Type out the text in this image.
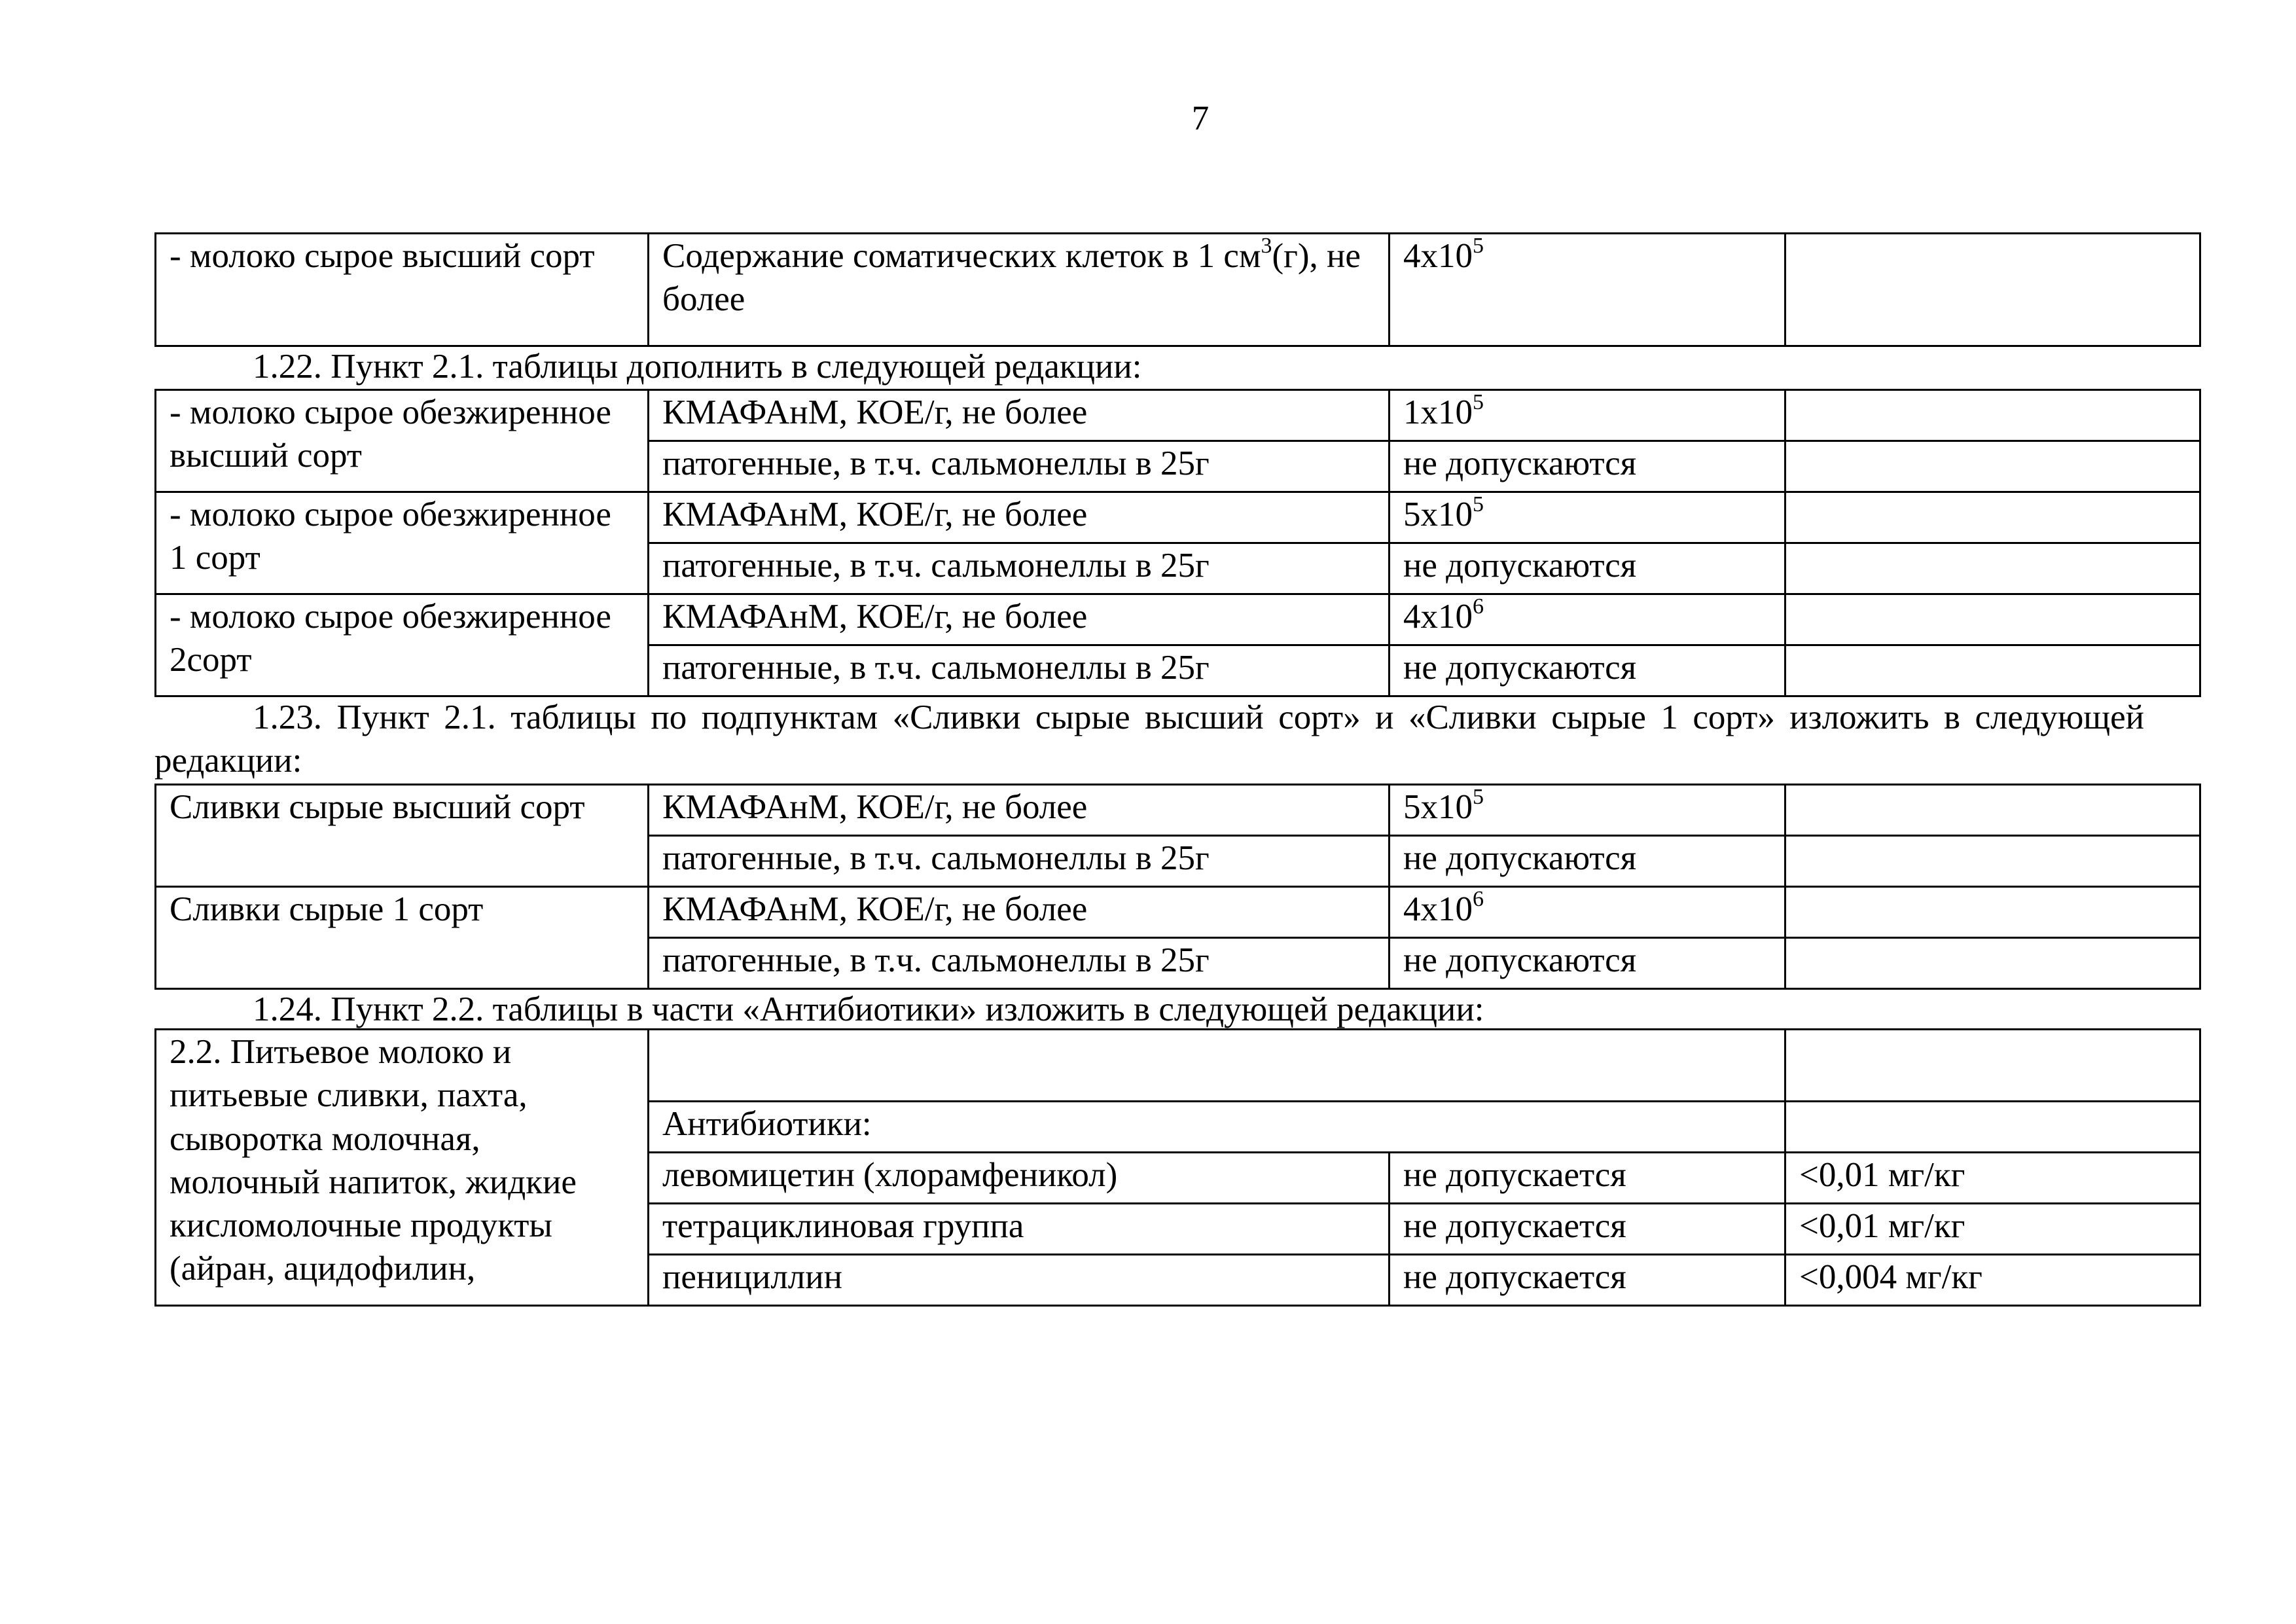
7
- молоко сырое высший сорт	Содержание соматических клеток в 1 $см^3(г)$, не более	$4х10^5$	
1.22. Пункт 2.1. таблицы дополнить в следующей редакции:
- молоко сырое обезжиренное высший сорт	КМАФАнМ, КОЕ/г, не более	$1х10^5$	
	патогенные, в т.ч. сальмонеллы в 25г	не допускаются	
- молоко сырое обезжиренное 1 сорт	КМАФАнМ, КОЕ/г, не более	$5х10^5$	
	патогенные, в т.ч. сальмонеллы в 25г	не допускаются	
- молоко сырое обезжиренное 2сорт	КМАФАнМ, КОЕ/г, не более	$4х10^6$	
	патогенные, в т.ч. сальмонеллы в 25г	не допускаются	
1.23. Пункт 2.1. таблицы по подпунктам «Сливки сырые высший сорт» и «Сливки сырые 1 сорт» изложить в следующей редакции:
Сливки сырые высший сорт	КМАФАнМ, КОЕ/г, не более	$5х10^5$	
	патогенные, в т.ч. сальмонеллы в 25г	не допускаются	
Сливки сырые 1 сорт	КМАФАнМ, КОЕ/г, не более	$4х10^6$	
	патогенные, в т.ч. сальмонеллы в 25г	не допускаются	
1.24. Пункт 2.2. таблицы в части «Антибиотики» изложить в следующей редакции:
2.2. Питьевое молоко и питьевые сливки, пахта, сыворотка молочная, молочный напиток, жидкие кисломолочные продукты (айран, ацидофилин,			
	Антибиотики:		
	левомицетин (хлорамфеникол)	не допускается	<0,01 мг/кг
	тетрациклиновая группа	не допускается	<0,01 мг/кг
	пенициллин	не допускается	<0,004 мг/кг
